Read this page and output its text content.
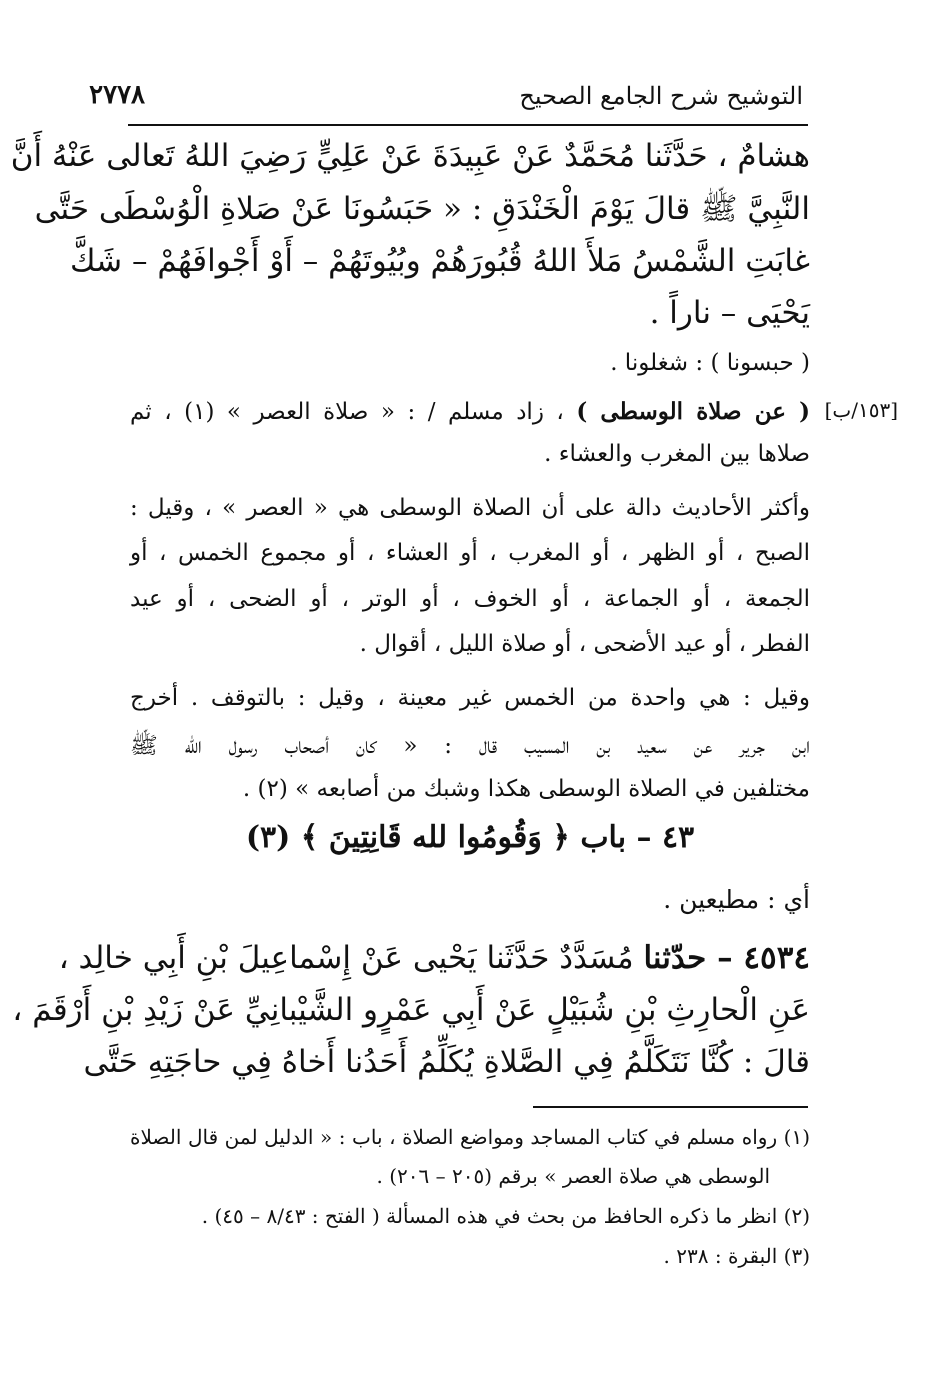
التوشيح شرح الجامع الصحيح
٢٧٧٨
هشامٌ ، حَدَّثَنا مُحَمَّدٌ عَنْ عَبِيدَةَ عَنْ عَلِيٍّ رَضِيَ اللهُ تَعالى عَنْهُ أَنَّ
النَّبِيَّ ﷺ قالَ يَوْمَ الْخَنْدَقِ : « حَبَسُونَا عَنْ صَلاةِ الْوُسْطَى حَتَّى
غابَتِ الشَّمْسُ مَلأَ اللهُ قُبُورَهُمْ وبُيُوتَهُمْ – أَوْ أَجْوافَهُمْ – شَكَّ
يَحْيَى – ناراً .
( حبسونا ) : شغلونا .
[١٥٣/ب]
( عن صلاة الوسطى ) ، زاد مسلم / : « صلاة العصر » (١) ، ثم
صلاها بين المغرب والعشاء .
وأكثر الأحاديث دالة على أن الصلاة الوسطى هي « العصر » ، وقيل :
الصبح ، أو الظهر ، أو المغرب ، أو العشاء ، أو مجموع الخمس ، أو
الجمعة ، أو الجماعة ، أو الخوف ، أو الوتر ، أو الضحى ، أو عيد
الفطر ، أو عيد الأضحى ، أو صلاة الليل ، أقوال .
وقيل : هي واحدة من الخمس غير معينة ، وقيل : بالتوقف . أخرج
ابن جرير عن سعيد بن المسيب قال : « كان أصحاب رسول الله ﷺ
مختلفين في الصلاة الوسطى هكذا وشبك من أصابعه » (٢) .
٤٣ – باب ﴿ وَقُومُوا لله قَانِتِينَ ﴾ (٣)
أي : مطيعين .
٤٥٣٤ – حدّثنا مُسَدَّدٌ حَدَّثَنا يَحْيى عَنْ إِسْماعِيلَ بْنِ أَبِي خالِد ،
عَنِ الْحارِثِ بْنِ شُبَيْلٍ عَنْ أَبِي عَمْرٍو الشَّيْبانِيِّ عَنْ زَيْدِ بْنِ أَرْقَمَ ،
قالَ : كُنَّا نَتَكَلَّمُ فِي الصَّلاةِ يُكَلِّمُ أَحَدُنا أَخاهُ فِي حاجَتِهِ حَتَّى
(١) رواه مسلم في كتاب المساجد ومواضع الصلاة ، باب : « الدليل لمن قال الصلاة
الوسطى هي صلاة العصر » برقم (٢٠٥ – ٢٠٦) .
(٢) انظر ما ذكره الحافظ من بحث في هذه المسألة ( الفتح : ٨/٤٣ – ٤٥) .
(٣) البقرة : ٢٣٨ .
